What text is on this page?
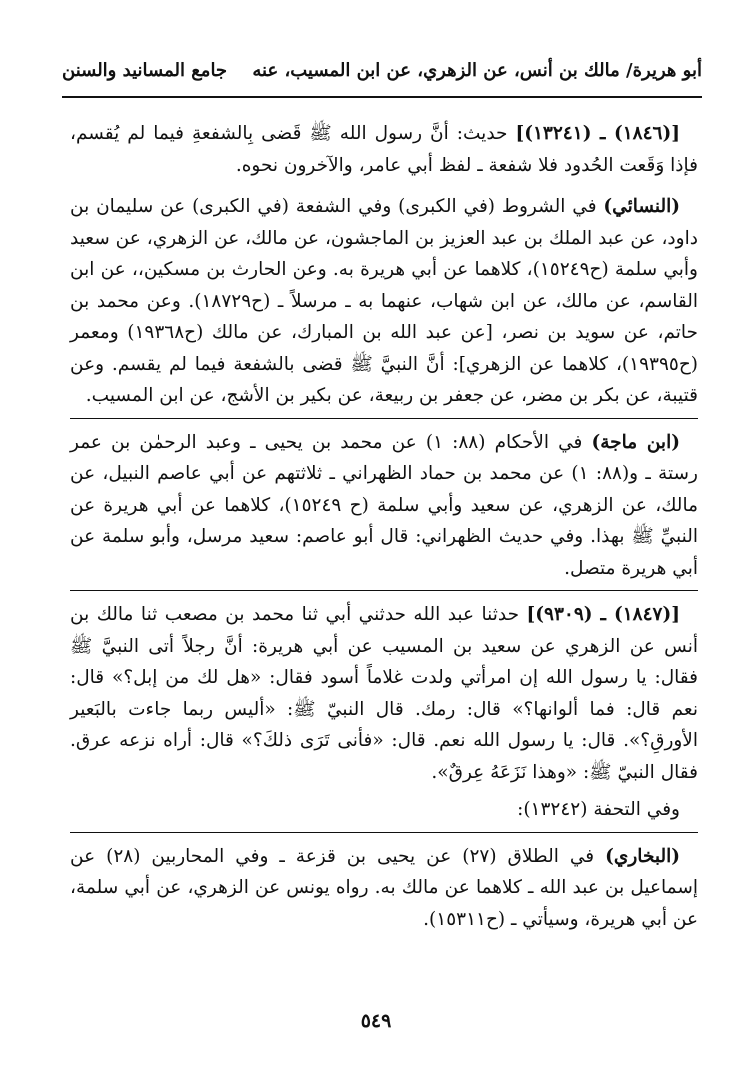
أبو هريرة/ مالك بن أنس، عن الزهري، عن ابن المسيب، عنه
جامع المسانيد والسنن

[(١٨٤٦) ـ (١٣٢٤١)] حديث: أنَّ رسول الله ﷺ قَضى بِالشفعةِ فيما لم يُقسم، فإذا وَقَعت الحُدود فلا شفعة ـ لفظ أبي عامر، والآخرون نحوه.

(النسائي) في الشروط (في الكبرى) وفي الشفعة (في الكبرى) عن سليمان بن داود، عن عبد الملك بن عبد العزيز بن الماجشون، عن مالك، عن الزهري، عن سعيد وأبي سلمة (ح١٥٢٤٩)، كلاهما عن أبي هريرة به. وعن الحارث بن مسكين،، عن ابن القاسم، عن مالك، عن ابن شهاب، عنهما به ـ مرسلاً ـ (ح١٨٧٢٩). وعن محمد بن حاتم، عن سويد بن نصر، [عن عبد الله بن المبارك، عن مالك (ح١٩٣٦٨) ومعمر (ح١٩٣٩٥)، كلاهما عن الزهري]: أنَّ النبيَّ ﷺ قضى بالشفعة فيما لم يقسم. وعن قتيبة، عن بكر بن مضر، عن جعفر بن ربيعة، عن بكير بن الأشج، عن ابن المسيب.

(ابن ماجة) في الأحكام (٨٨: ١) عن محمد بن يحيى ـ وعبد الرحمٰن بن عمر رستة ـ و(٨٨: ١) عن محمد بن حماد الظهراني ـ ثلاثتهم عن أبي عاصم النبيل، عن مالك، عن الزهري، عن سعيد وأبي سلمة (ح ١٥٢٤٩)، كلاهما عن أبي هريرة عن النبيِّ ﷺ بهذا. وفي حديث الظهراني: قال أبو عاصم: سعيد مرسل، وأبو سلمة عن أبي هريرة متصل.

[(١٨٤٧) ـ (٩٣٠٩)] حدثنا عبد الله حدثني أبي ثنا محمد بن مصعب ثنا مالك بن أنس عن الزهري عن سعيد بن المسيب عن أبي هريرة: أنَّ رجلاً أتى النبيَّ ﷺ فقال: يا رسول الله إن امرأتي ولدت غلاماً أسود فقال: «هل لك من إبل؟» قال: نعم قال: فما ألوانها؟» قال: رمك. قال النبيّ ﷺ: «أليس ربما جاءت بالبَعير الأورقِ؟». قال: يا رسول الله نعم. قال: «فأنى تَرَى ذلكَ؟» قال: أراه نزعه عرق. فقال النبيّ ﷺ: «وهذا نَزَعَهُ عِرقٌ».

وفي التحفة (١٣٢٤٢):

(البخاري) في الطلاق (٢٧) عن يحيى بن قزعة ـ وفي المحاربين (٢٨) عن إسماعيل بن عبد الله ـ كلاهما عن مالك به. رواه يونس عن الزهري، عن أبي سلمة، عن أبي هريرة، وسيأتي ـ (ح١٥٣١١).

٥٤٩
